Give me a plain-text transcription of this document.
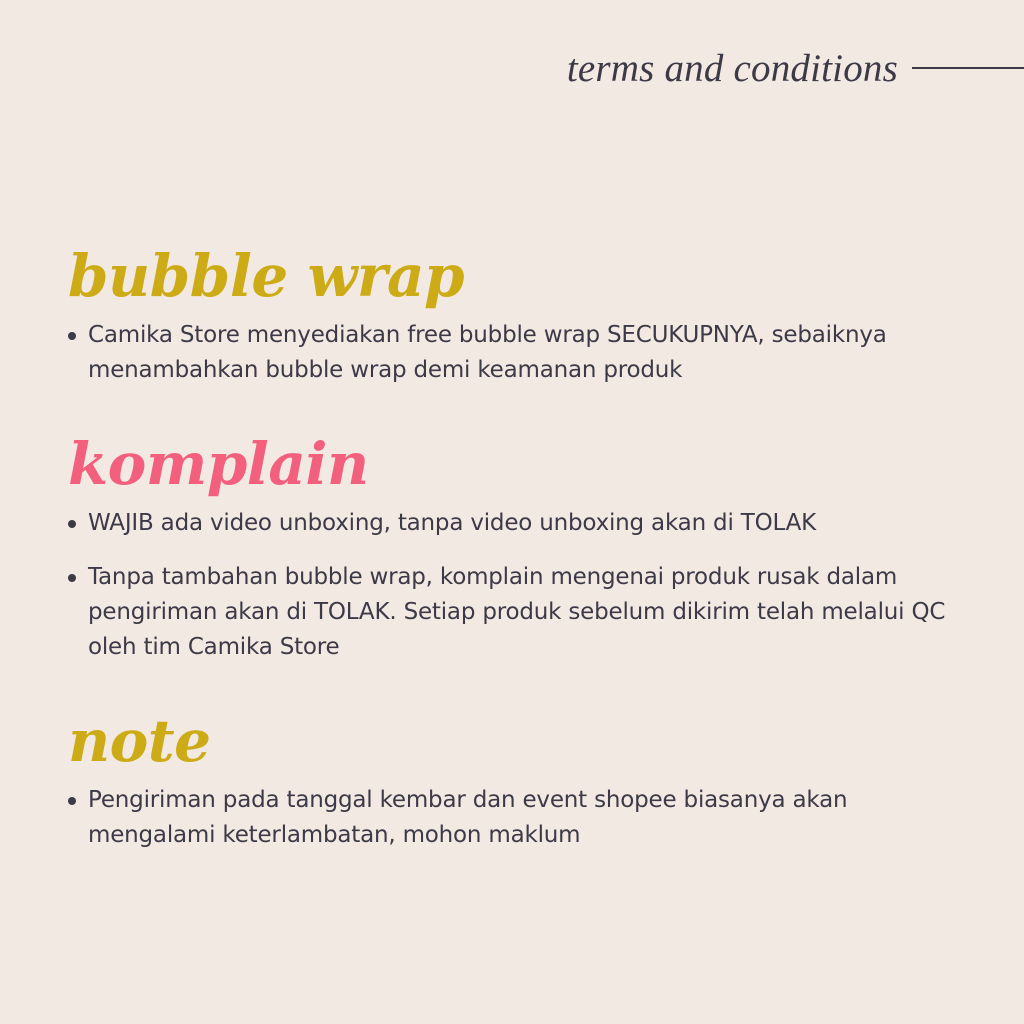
terms and conditions
bubble wrap
Camika Store menyediakan free bubble wrap SECUKUPNYA, sebaiknya menambahkan bubble wrap demi keamanan produk
komplain
WAJIB ada video unboxing, tanpa video unboxing akan di TOLAK
Tanpa tambahan bubble wrap, komplain mengenai produk rusak dalam pengiriman akan di TOLAK. Setiap produk sebelum dikirim telah melalui QC oleh tim Camika Store
note
Pengiriman pada tanggal kembar dan event shopee biasanya akan mengalami keterlambatan, mohon maklum
